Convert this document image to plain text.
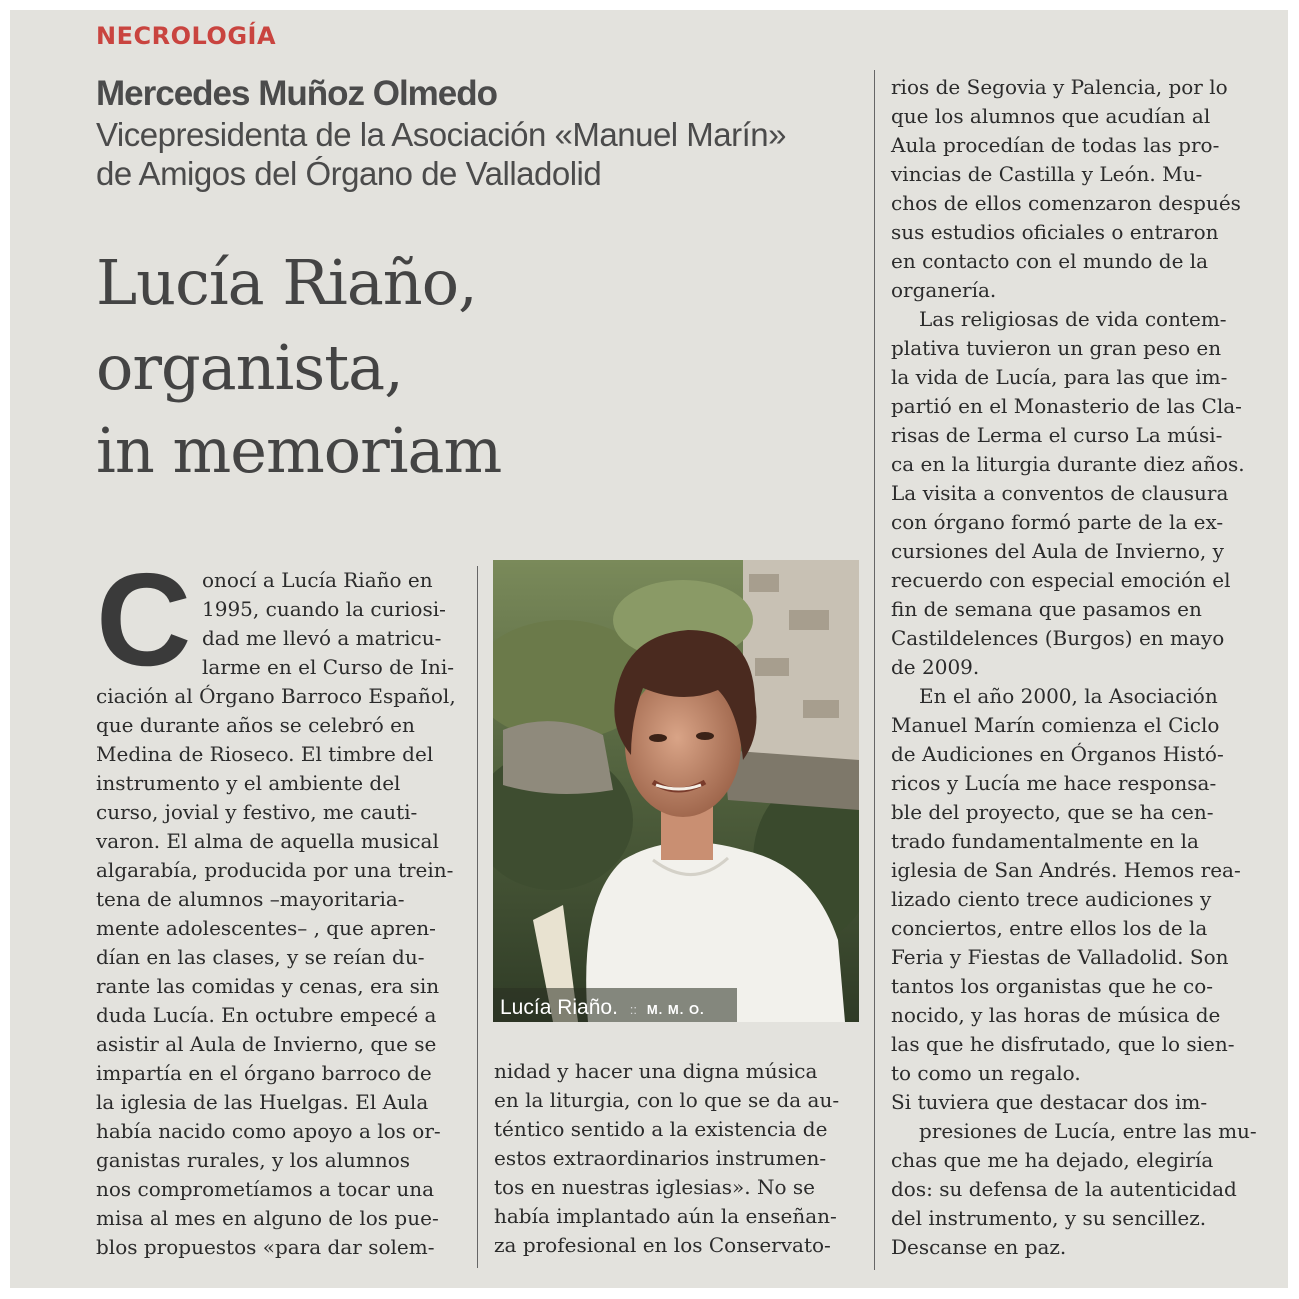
NECROLOGÍA
Mercedes Muñoz Olmedo
Vicepresidenta de la Asociación «Manuel Marín»
de Amigos del Órgano de Valladolid
Lucía Riaño,
organista,
in memoriam
C onocí a Lucía Riaño en
1995, cuando la curiosi-
dad me llevó a matricu-
larme en el Curso de Ini-
ciación al Órgano Barroco Español,
que durante años se celebró en
Medina de Rioseco. El timbre del
instrumento y el ambiente del
curso, jovial y festivo, me cauti-
varon. El alma de aquella musical
algarabía, producida por una trein-
tena de alumnos –mayoritaria-
mente adolescentes– , que apren-
dían en las clases, y se reían du-
rante las comidas y cenas, era sin
duda Lucía. En octubre empecé a
asistir al Aula de Invierno, que se
impartía en el órgano barroco de
la iglesia de las Huelgas. El Aula
había nacido como apoyo a los or-
ganistas rurales, y los alumnos
nos comprometíamos a tocar una
misa al mes en alguno de los pue-
blos propuestos «para dar solem-
nidad y hacer una digna música
en la liturgia, con lo que se da au-
téntico sentido a la existencia de
estos extraordinarios instrumen-
tos en nuestras iglesias». No se
había implantado aún la enseñan-
za profesional en los Conservato-
rios de Segovia y Palencia, por lo
que los alumnos que acudían al
Aula procedían de todas las pro-
vincias de Castilla y León. Mu-
chos de ellos comenzaron después
sus estudios oficiales o entraron
en contacto con el mundo de la
organería.
Las religiosas de vida contem-
plativa tuvieron un gran peso en
la vida de Lucía, para las que im-
partió en el Monasterio de las Cla-
risas de Lerma el curso La músi-
ca en la liturgia durante diez años.
La visita a conventos de clausura
con órgano formó parte de la ex-
cursiones del Aula de Invierno, y
recuerdo con especial emoción el
fin de semana que pasamos en
Castildelences (Burgos) en mayo
de 2009.
En el año 2000, la Asociación
Manuel Marín comienza el Ciclo
de Audiciones en Órganos Histó-
ricos y Lucía me hace responsa-
ble del proyecto, que se ha cen-
trado fundamentalmente en la
iglesia de San Andrés. Hemos rea-
lizado ciento trece audiciones y
conciertos, entre ellos los de la
Feria y Fiestas de Valladolid. Son
tantos los organistas que he co-
nocido, y las horas de música de
las que he disfrutado, que lo sien-
to como un regalo.
Si tuviera que destacar dos im-
presiones de Lucía, entre las mu-
chas que me ha dejado, elegiría
dos: su defensa de la autenticidad
del instrumento, y su sencillez.
Descanse en paz.
Lucía Riaño. :: M. M. O.
